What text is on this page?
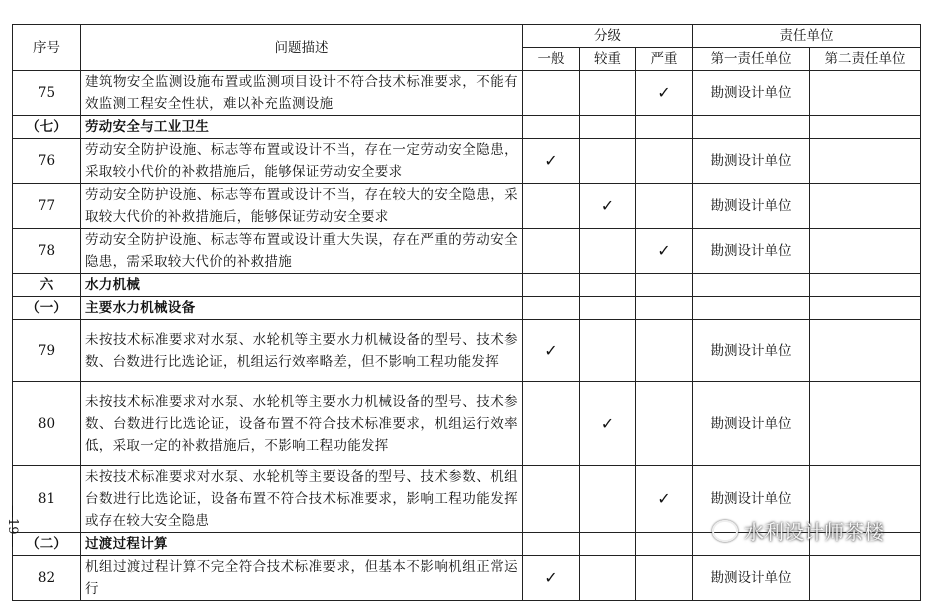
序号	问题描述	分级			责任单位	
		一般	较重	严重	第一责任单位	第二责任单位
75	建筑物安全监测设施布置或监测项目设计不符合技术标准要求，不能有效监测工程安全性状，难以补充监测设施			✓	勘测设计单位	
（七）	劳动安全与工业卫生					
76	劳动安全防护设施、标志等布置或设计不当，存在一定劳动安全隐患，采取较小代价的补救措施后，能够保证劳动安全要求	✓			勘测设计单位	
77	劳动安全防护设施、标志等布置或设计不当，存在较大的安全隐患，采取较大代价的补救措施后，能够保证劳动安全要求		✓		勘测设计单位	
78	劳动安全防护设施、标志等布置或设计重大失误，存在严重的劳动安全隐患，需采取较大代价的补救措施			✓	勘测设计单位	
六	水力机械					
（一）	主要水力机械设备					
79	未按技术标准要求对水泵、水轮机等主要水力机械设备的型号、技术参数、台数进行比选论证，机组运行效率略差，但不影响工程功能发挥	✓			勘测设计单位	
80	未按技术标准要求对水泵、水轮机等主要水力机械设备的型号、技术参数、台数进行比选论证，设备布置不符合技术标准要求，机组运行效率低，采取一定的补救措施后，不影响工程功能发挥		✓		勘测设计单位	
81	未按技术标准要求对水泵、水轮机等主要设备的型号、技术参数、机组台数进行比选论证，设备布置不符合技术标准要求，影响工程功能发挥或存在较大安全隐患			✓	勘测设计单位	
（二）	过渡过程计算					
82	机组过渡过程计算不完全符合技术标准要求，但基本不影响机组正常运行	✓			勘测设计单位	
—19—	水利设计师茶楼
